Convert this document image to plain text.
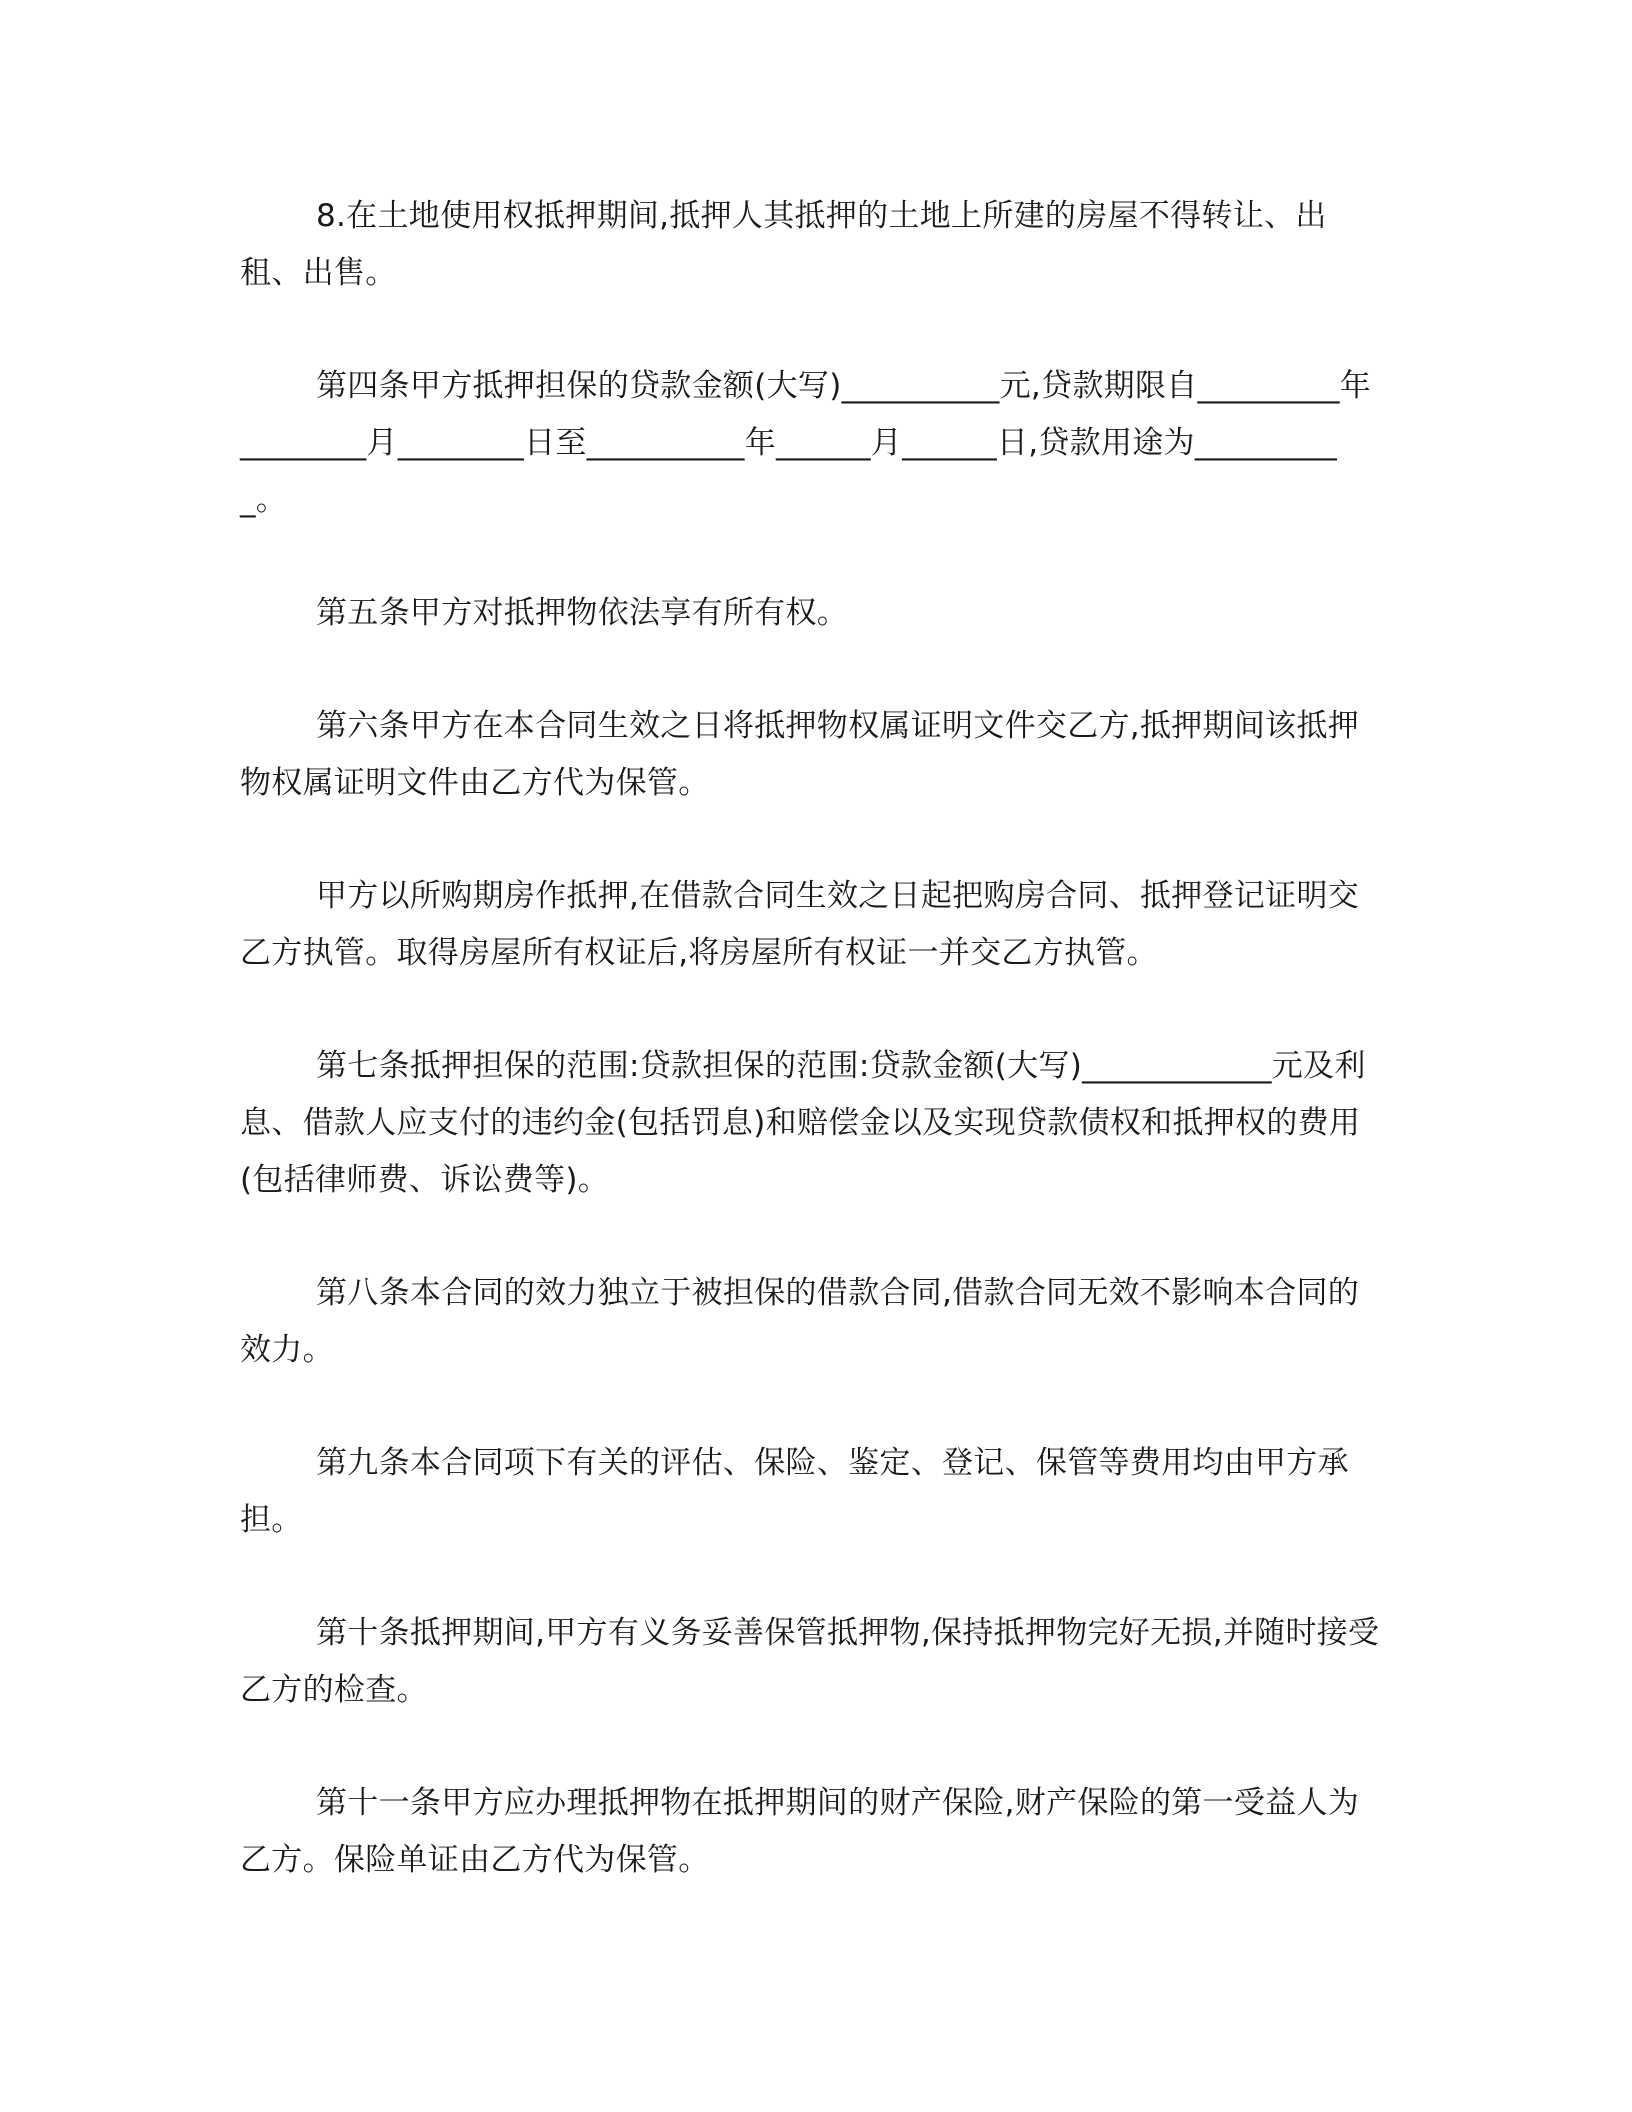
8.在土地使用权抵押期间,抵押人其抵押的土地上所建的房屋不得转让、出租、出售。

第四条甲方抵押担保的贷款金额(大写)__________元,贷款期限自_________年________月________日至__________年______月______日,贷款用途为__________。

第五条甲方对抵押物依法享有所有权。

第六条甲方在本合同生效之日将抵押物权属证明文件交乙方,抵押期间该抵押物权属证明文件由乙方代为保管。

甲方以所购期房作抵押,在借款合同生效之日起把购房合同、抵押登记证明交乙方执管。取得房屋所有权证后,将房屋所有权证一并交乙方执管。

第七条抵押担保的范围:贷款担保的范围:贷款金额(大写)____________元及利息、借款人应支付的违约金(包括罚息)和赔偿金以及实现贷款债权和抵押权的费用(包括律师费、诉讼费等)。

第八条本合同的效力独立于被担保的借款合同,借款合同无效不影响本合同的效力。

第九条本合同项下有关的评估、保险、鉴定、登记、保管等费用均由甲方承担。

第十条抵押期间,甲方有义务妥善保管抵押物,保持抵押物完好无损,并随时接受乙方的检查。

第十一条甲方应办理抵押物在抵押期间的财产保险,财产保险的第一受益人为乙方。保险单证由乙方代为保管。
